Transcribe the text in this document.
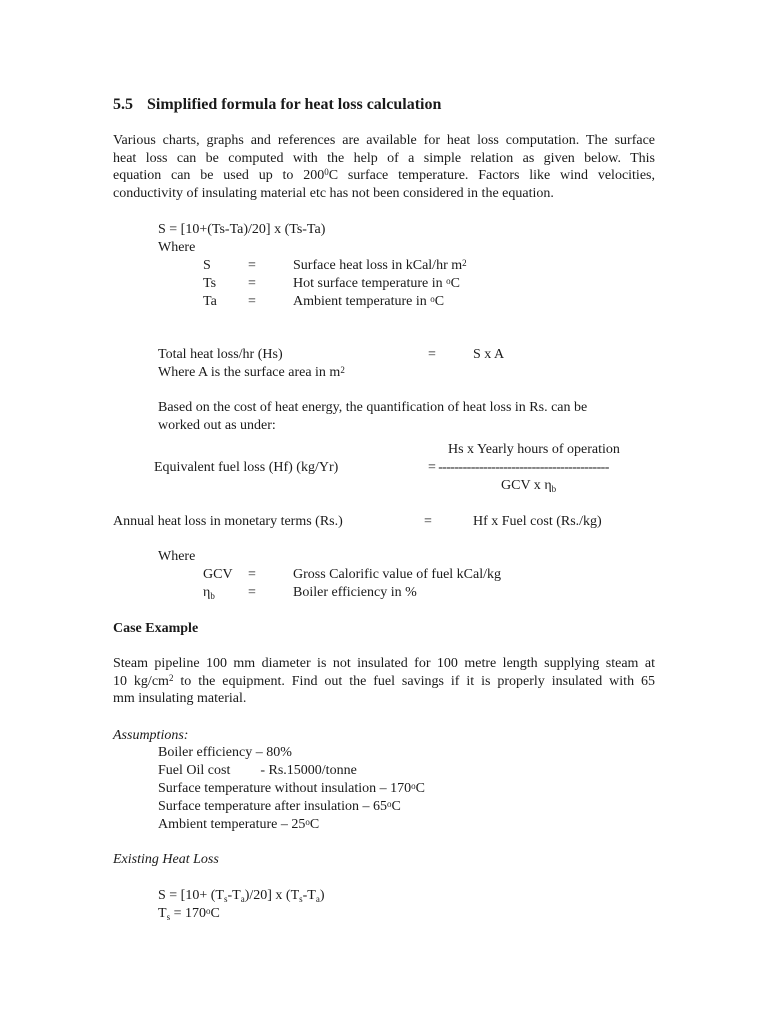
5.5 Simplified formula for heat loss calculation
Various charts, graphs and references are available for heat loss computation. The surface
heat loss can be computed with the help of a simple relation as given below. This
equation can be used up to $200^0C$ surface temperature. Factors like wind velocities,
conductivity of insulating material etc has not been considered in the equation.
S = [10+(Ts-Ta)/20] x (Ts-Ta)
Where
S	=	Surface heat loss in kCal/hr $m^2$
Ts =	Hot surface temperature in $^o$C
Ta =	Ambient temperature in $^o$C
Total heat loss/hr (Hs)	=	S x A
Where A is the surface area in $m^2$
Based on the cost of heat energy, the quantification of heat loss in Rs. can be
worked out as under:
Hs x Yearly hours of operation
Equivalent fuel loss (Hf) (kg/Yr)	= ------------------------------------------
GCV x $\eta_b$
Annual heat loss in monetary terms (Rs.)	=	Hf x Fuel cost (Rs./kg)
Where
GCV =	Gross Calorific value of fuel kCal/kg
$\eta_b$ =	Boiler efficiency in %
Case Example
Steam pipeline 100 mm diameter is not insulated for 100 metre length supplying steam at
10 $kg/cm^2$ to the equipment. Find out the fuel savings if it is properly insulated with 65
mm insulating material.
Assumptions:
Boiler efficiency – 80%
Fuel Oil cost - Rs.15000/tonne
Surface temperature without insulation – 170$^o$C
Surface temperature after insulation – 65$^o$C
Ambient temperature – 25$^o$C
Existing Heat Loss
$S = [10+ (T_s-T_a)/20]$ x $(T_s-T_a)$
$T_s = 170^oC$
